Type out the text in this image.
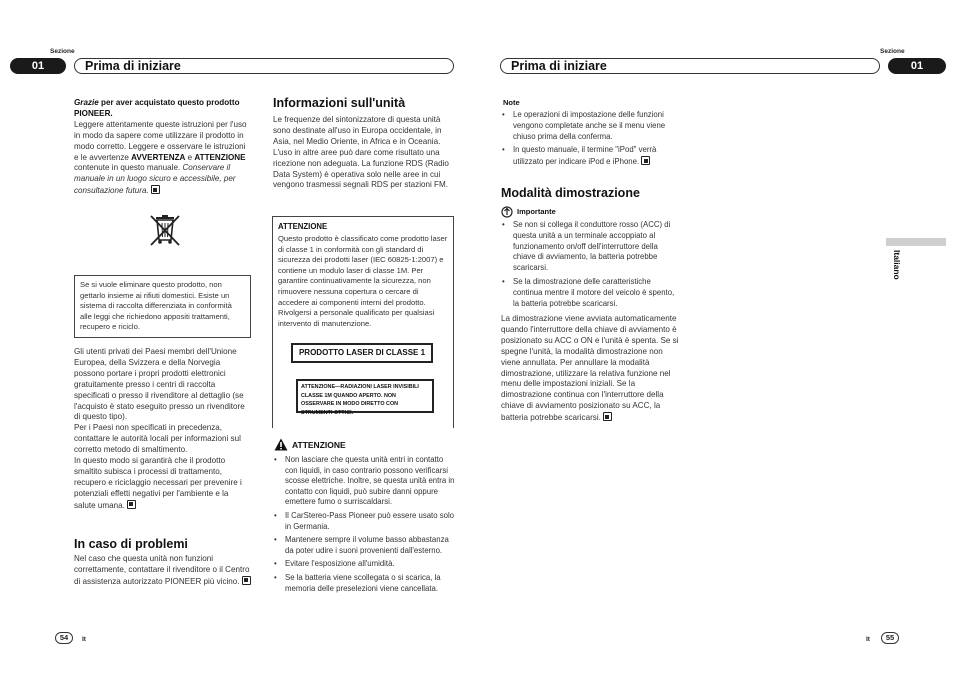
Sezione
Prima di iniziare
01
Sezione
Prima di iniziare	01

Grazie per aver acquistato questo prodotto

PIONEER.

Leggere attentamente queste istruzioni per l'uso in modo da sapere come utilizzare il prodotto in modo corretto. Leggere e osservare le istruzioni e le avvertenze AVVERTENZA e ATTENZIONE contenute in questo manuale. Conservare il manuale in un luogo sicuro e accessibile, per consultazione futura.

Se si vuole eliminare questo prodotto, non gettarlo insieme ai rifiuti domestici. Esiste un sistema di raccolta differenziata in conformità alle leggi che richiedono appositi trattamenti, recupero e riciclo.

Gli utenti privati dei Paesi membri dell'Unione Europea, della Svizzera e della Norvegia possono portare i propri prodotti elettronici gratuitamente presso i centri di raccolta specificati o presso il rivenditore al dettaglio (se l'acquisto è stato eseguito presso un rivenditore di questo tipo).

Per i Paesi non specificati in precedenza, contattare le autorità locali per informazioni sul corretto metodo di smaltimento.

In questo modo si garantirà che il prodotto smaltito subisca i processi di trattamento, recupero e riciclaggio necessari per prevenire i potenziali effetti negativi per l'ambiente e la salute umana.

In caso di problemi

Nel caso che questa unità non funzioni correttamente, contattare il rivenditore o il Centro di assistenza autorizzato PIONEER più vicino.

Informazioni sull'unità
Le frequenze del sintonizzatore di questa unità sono destinate all'uso in Europa occidentale, in Asia, nel Medio Oriente, in Africa e in Oceania. L'uso in altre aree può dare come risultato una ricezione non adeguata. La funzione RDS (Radio Data System) è operativa solo nelle aree in cui vengono trasmessi segnali RDS per stazioni FM.
ATTENZIONE
Questo prodotto è classificato come prodotto laser di classe 1 in conformità con gli standard di sicurezza dei prodotti laser (IEC 60825-1:2007) e contiene un modulo laser di classe 1M. Per garantire continuativamente la sicurezza, non rimuovere nessuna copertura o cercare di accedere ai componenti interni del prodotto. Rivolgersi a personale qualificato per qualsiasi intervento di manutenzione.
PRODOTTO LASER DI CLASSE 1
ATTENZIONE—RADIAZIONI LASER INVISIBILI CLASSE 1M QUANDO APERTO. NON OSSERVARE IN MODO DIRETTO CON STRUMENTI OTTICI.
ATTENZIONE
• Non lasciare che questa unità entri in contatto con liquidi, in caso contrario possono verificarsi scosse elettriche. Inoltre, se questa unità entra in contatto con liquidi, può subire danni oppure emettere fumo o surriscaldarsi.
• Il CarStereo-Pass Pioneer può essere usato solo in Germania.
• Mantenere sempre il volume basso abbastanza da poter udire i suoni provenienti dall'esterno.
• Evitare l'esposizione all'umidità.
• Se la batteria viene scollegata o si scarica, la memoria delle preselezioni viene cancellata.
Note
• Le operazioni di impostazione delle funzioni vengono completate anche se il menu viene chiuso prima della conferma.
• In questo manuale, il termine "iPod" verrà utilizzato per indicare iPod e iPhone.
Modalità dimostrazione
Importante
• Se non si collega il conduttore rosso (ACC) di questa unità a un terminale accoppiato al funzionamento on/off dell'interruttore della chiave di avviamento, la batteria potrebbe scaricarsi.
• Se la dimostrazione delle caratteristiche continua mentre il motore del veicolo è spento, la batteria potrebbe scaricarsi.

La dimostrazione viene avviata automaticamente quando l'interruttore della chiave di avviamento è posizionato su ACC o ON e l'unità è spenta. Se si spegne l'unità, la modalità dimostrazione non viene annullata. Per annullare la modalità dimostrazione, utilizzare la relativa funzione nel menu delle impostazioni iniziali. Se la dimostrazione continua con l'interruttore della chiave di avviamento posizionato su ACC, la batteria potrebbe scaricarsi.

Italiano
54	It	It	55
